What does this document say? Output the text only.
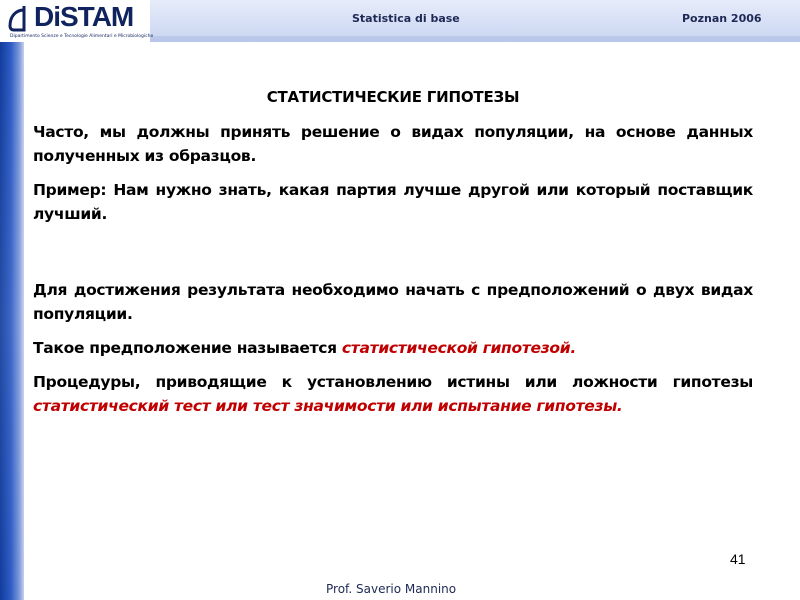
DiSTAM
Dipartimento Scienze e Tecnologie Alimentari e Microbiologiche
Statistica di base	Poznan 2006
СТАТИСТИЧЕСКИЕ ГИПОТЕЗЫ

Часто, мы должны принять решение о видах популяции, на основе данных полученных из образцов.

Пример: Нам нужно знать, какая партия лучше другой или который поставщик лучший.

Для достижения результата необходимо начать с предположений о двух видах популяции.

Такое предположение называется статистической гипотезой.

Процедуры, приводящие к установлению истины или ложности гипотезы статистический тест или тест значимости или испытание гипотезы.

41
Prof. Saverio Mannino
